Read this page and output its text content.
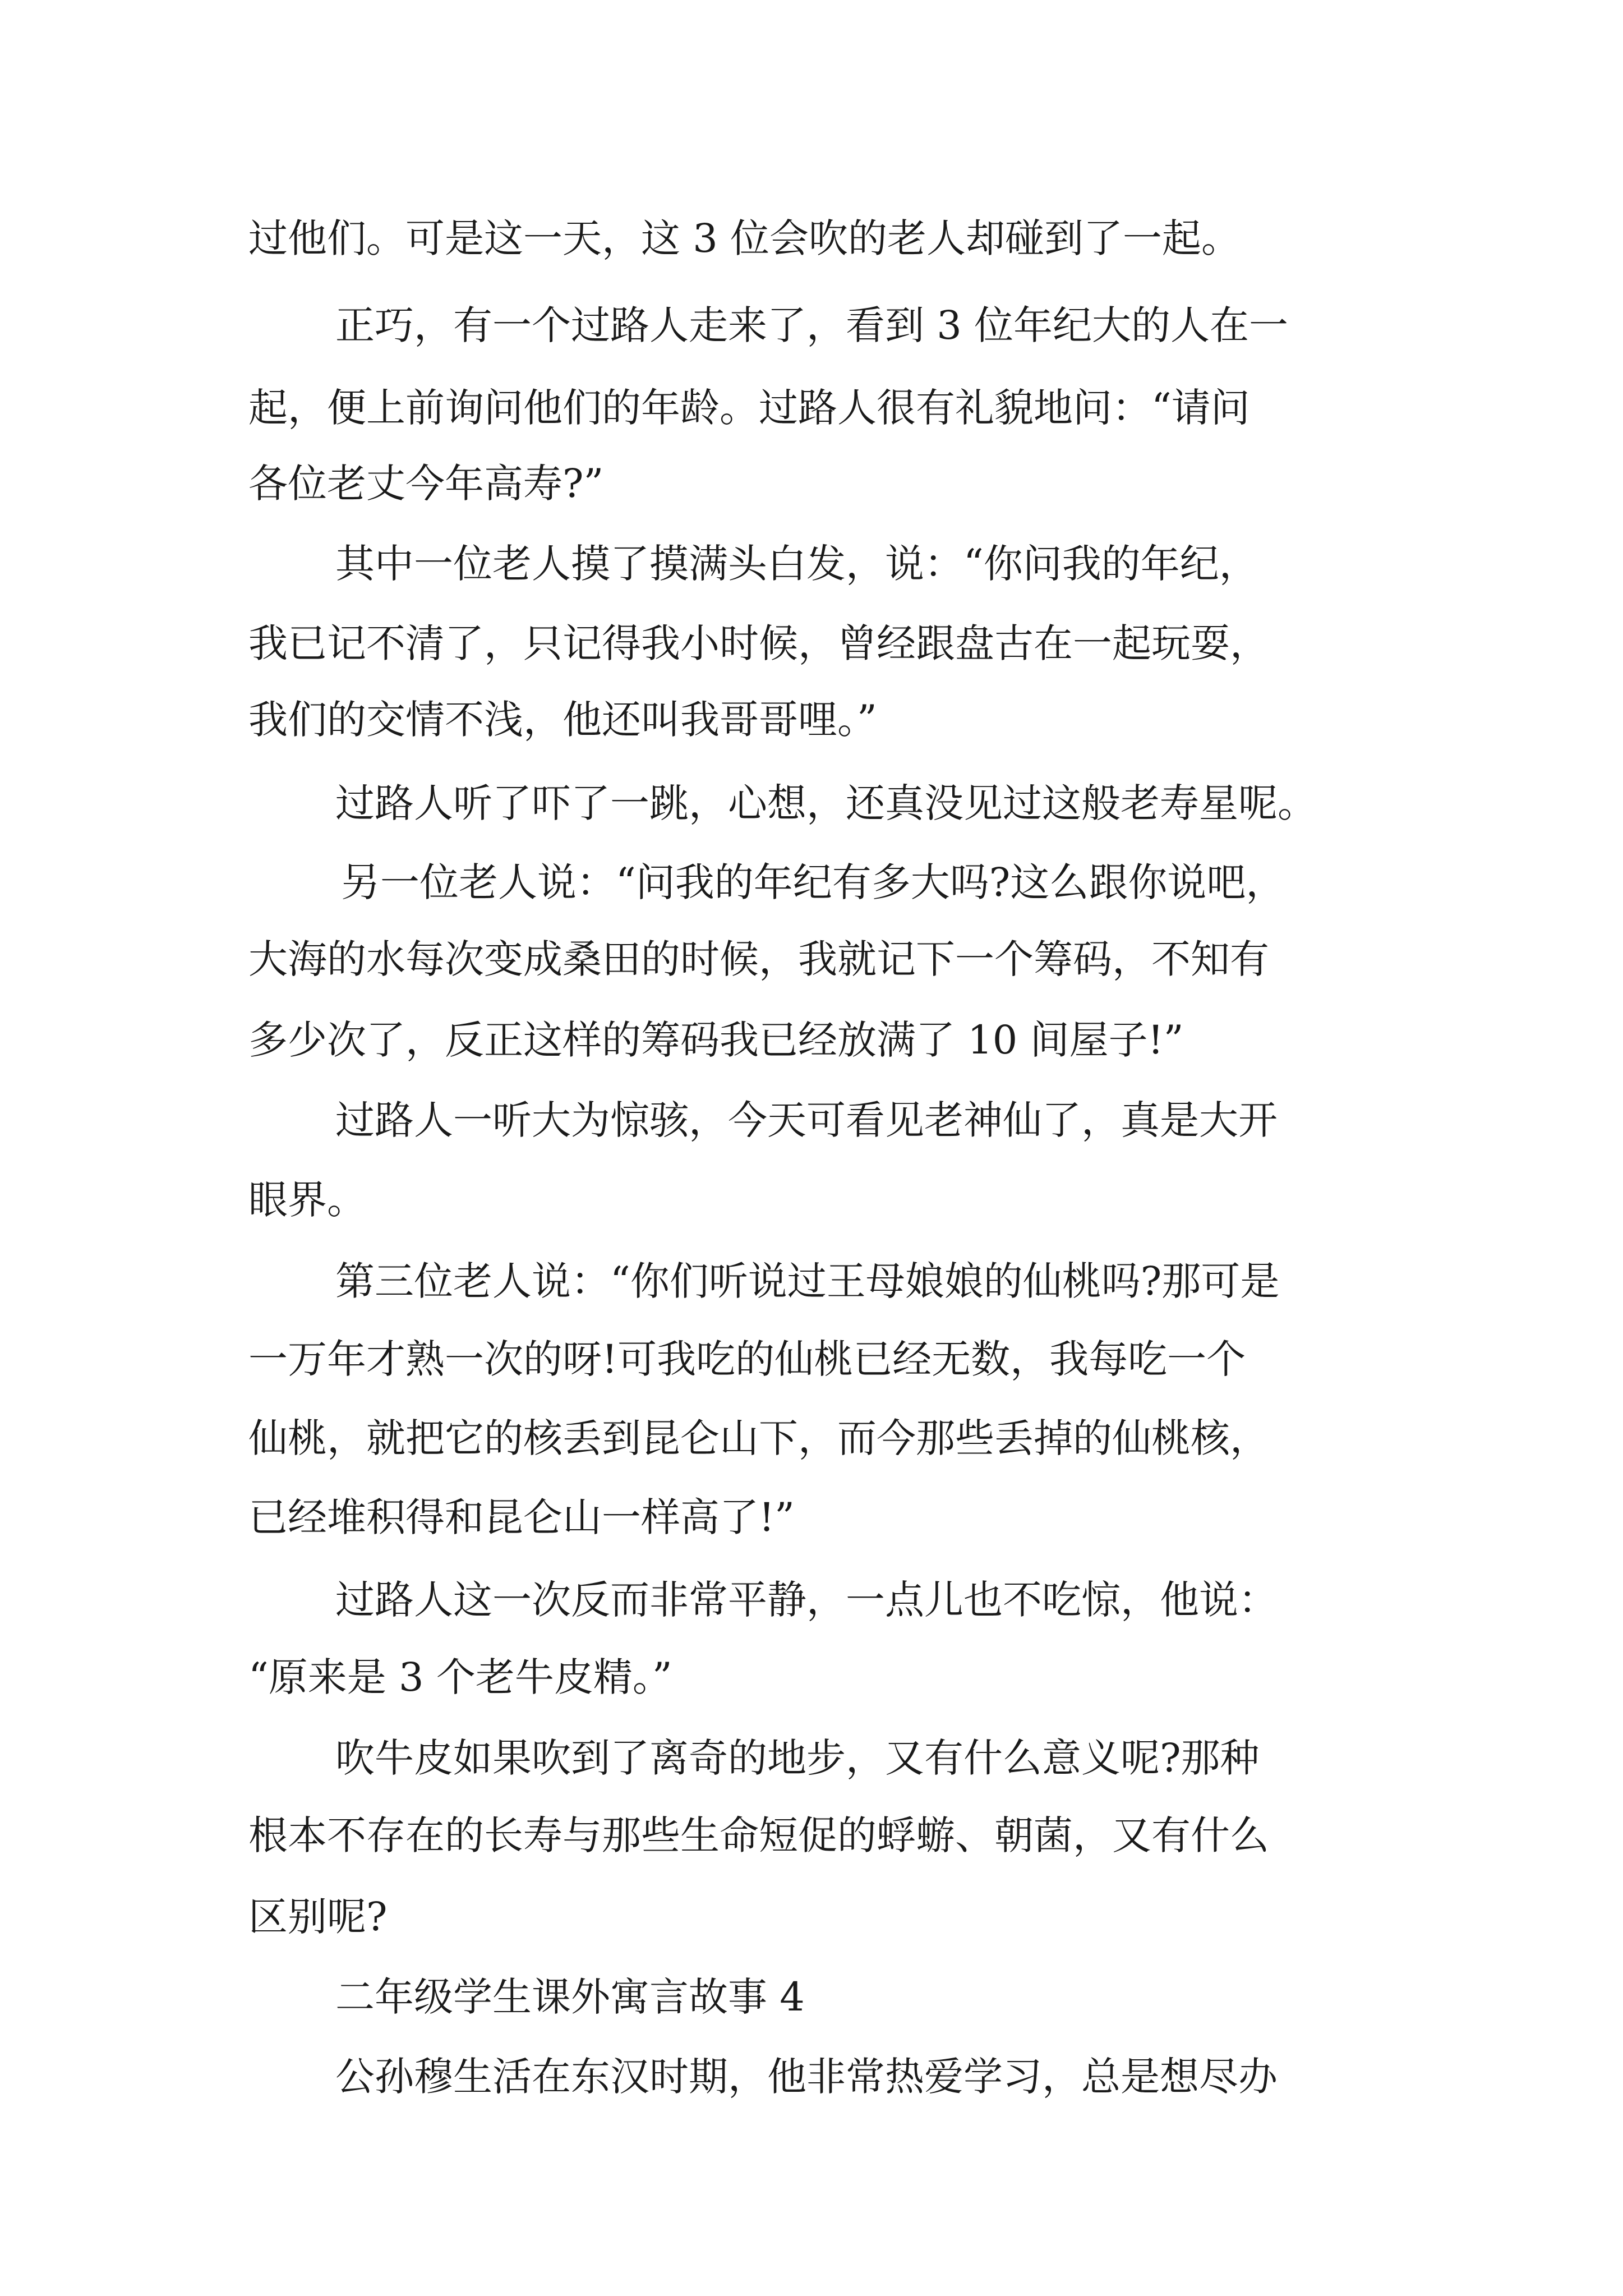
过他们。可是这一天，这 3 位会吹的老人却碰到了一起。
正巧，有一个过路人走来了，看到 3 位年纪大的人在一
起，便上前询问他们的年龄。过路人很有礼貌地问：“请问
各位老丈今年高寿?”
其中一位老人摸了摸满头白发，说：“你问我的年纪，
我已记不清了，只记得我小时候，曾经跟盘古在一起玩耍，
我们的交情不浅，他还叫我哥哥哩。”
过路人听了吓了一跳，心想，还真没见过这般老寿星呢。
另一位老人说：“问我的年纪有多大吗?这么跟你说吧，
大海的水每次变成桑田的时候，我就记下一个筹码，不知有
多少次了，反正这样的筹码我已经放满了 10 间屋子!”
过路人一听大为惊骇，今天可看见老神仙了，真是大开
眼界。
第三位老人说：“你们听说过王母娘娘的仙桃吗?那可是
一万年才熟一次的呀!可我吃的仙桃已经无数，我每吃一个
仙桃，就把它的核丢到昆仑山下，而今那些丢掉的仙桃核，
已经堆积得和昆仑山一样高了!”
过路人这一次反而非常平静，一点儿也不吃惊，他说：
“原来是 3 个老牛皮精。”
吹牛皮如果吹到了离奇的地步，又有什么意义呢?那种
根本不存在的长寿与那些生命短促的蜉蝣、朝菌，又有什么
区别呢?
二年级学生课外寓言故事 4
公孙穆生活在东汉时期，他非常热爱学习，总是想尽办
